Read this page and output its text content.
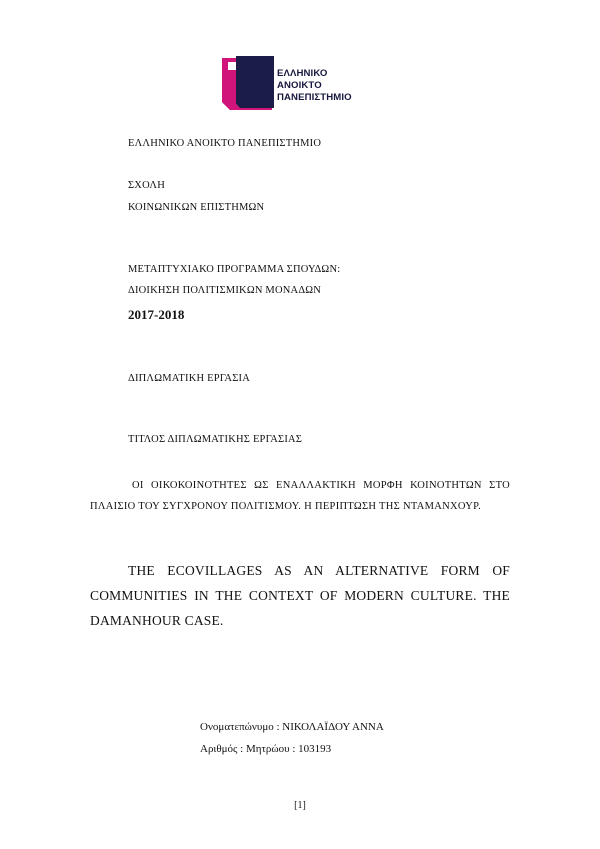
ΕΛΛΗΝΙΚΟ
ΑΝΟΙΚΤΟ
ΠΑΝΕΠΙΣΤΗΜΙΟ
ΕΛΛΗΝΙΚΟ ΑΝΟΙΚΤΟ ΠΑΝΕΠΙΣΤΗΜΙΟ
ΣΧΟΛΗ
ΚΟΙΝΩΝΙΚΩΝ ΕΠΙΣΤΗΜΩΝ
ΜΕΤΑΠΤΥΧΙΑΚΟ ΠΡΟΓΡΑΜΜΑ ΣΠΟΥΔΩΝ:
ΔΙΟΙΚΗΣΗ ΠΟΛΙΤΙΣΜΙΚΩΝ ΜΟΝΑΔΩΝ
2017-2018
ΔΙΠΛΩΜΑΤΙΚΗ ΕΡΓΑΣΙΑ
ΤΙΤΛΟΣ ΔΙΠΛΩΜΑΤΙΚΗΣ ΕΡΓΑΣΙΑΣ
ΟΙ ΟΙΚΟΚΟΙΝΟΤΗΤΕΣ ΩΣ ΕΝΑΛΛΑΚΤΙΚΗ ΜΟΡΦΗ ΚΟΙΝΟΤΗΤΩΝ ΣΤΟ ΠΛΑΙΣΙΟ ΤΟΥ ΣΥΓΧΡΟΝΟΥ ΠΟΛΙΤΙΣΜΟΥ. Η ΠΕΡΙΠΤΩΣΗ ΤΗΣ ΝΤΑΜΑΝΧΟΥΡ.
THE ECOVILLAGES AS AN ALTERNATIVE FORM OF COMMUNITIES IN THE CONTEXT OF MODERN CULTURE. THE DAMANHOUR CASE.
Ονοματεπώνυμο : ΝΙΚΟΛΑΪΔΟΥ ΑΝΝΑ
Αριθμός : Μητρώου : 103193
[1]
